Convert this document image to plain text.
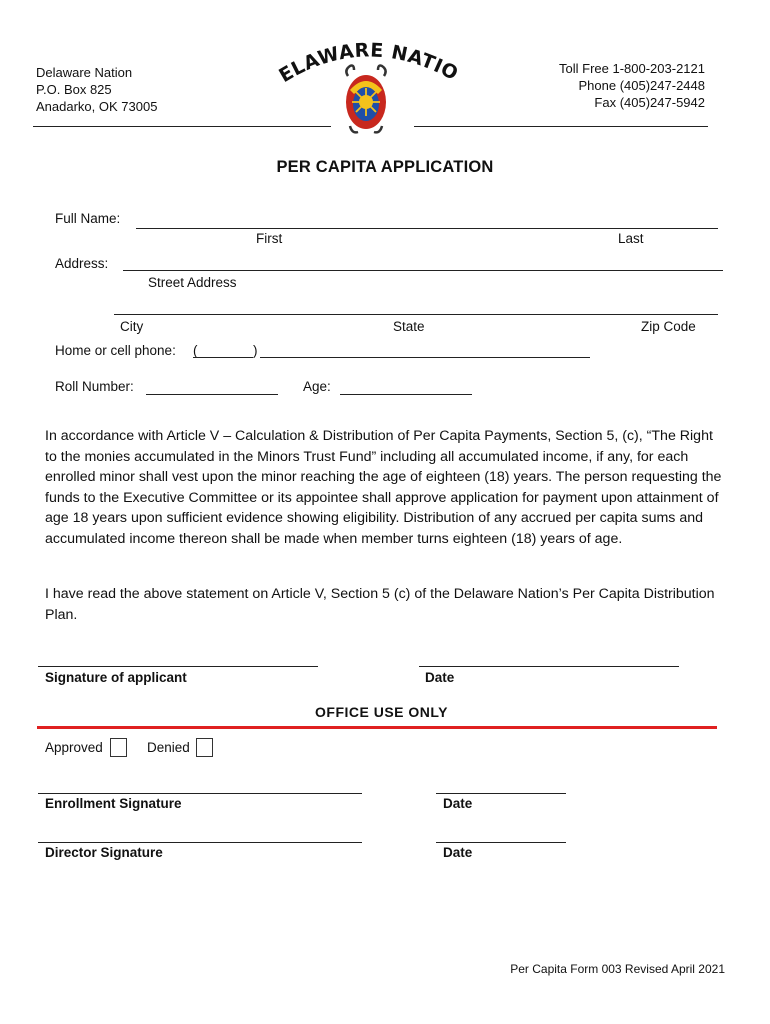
Delaware Nation
P.O. Box 825
Anadarko, OK 73005
ELAWARE NATIO	Toll Free 1-800-203-2121
Phone (405)247-2448
Fax (405)247-5942
PER CAPITA APPLICATION
Full Name:
First	Last
Address:
Street Address
City	State	Zip Code
Home or cell phone: (	)
Roll Number:	Age:
In accordance with Article V – Calculation & Distribution of Per Capita Payments, Section 5, (c), “The Right to the monies accumulated in the Minors Trust Fund” including all accumulated income, if any, for each enrolled minor shall vest upon the minor reaching the age of eighteen (18) years. The person requesting the funds to the Executive Committee or its appointee shall approve application for payment upon attainment of age 18 years upon sufficient evidence showing eligibility. Distribution of any accrued per capita sums and accumulated income thereon shall be made when member turns eighteen (18) years of age.
I have read the above statement on Article V, Section 5 (c) of the Delaware Nation’s Per Capita Distribution Plan.
Signature of applicant	Date
OFFICE USE ONLY
Approved	Denied
Enrollment Signature	Date
Director Signature	Date
Per Capita Form 003 Revised April 2021
